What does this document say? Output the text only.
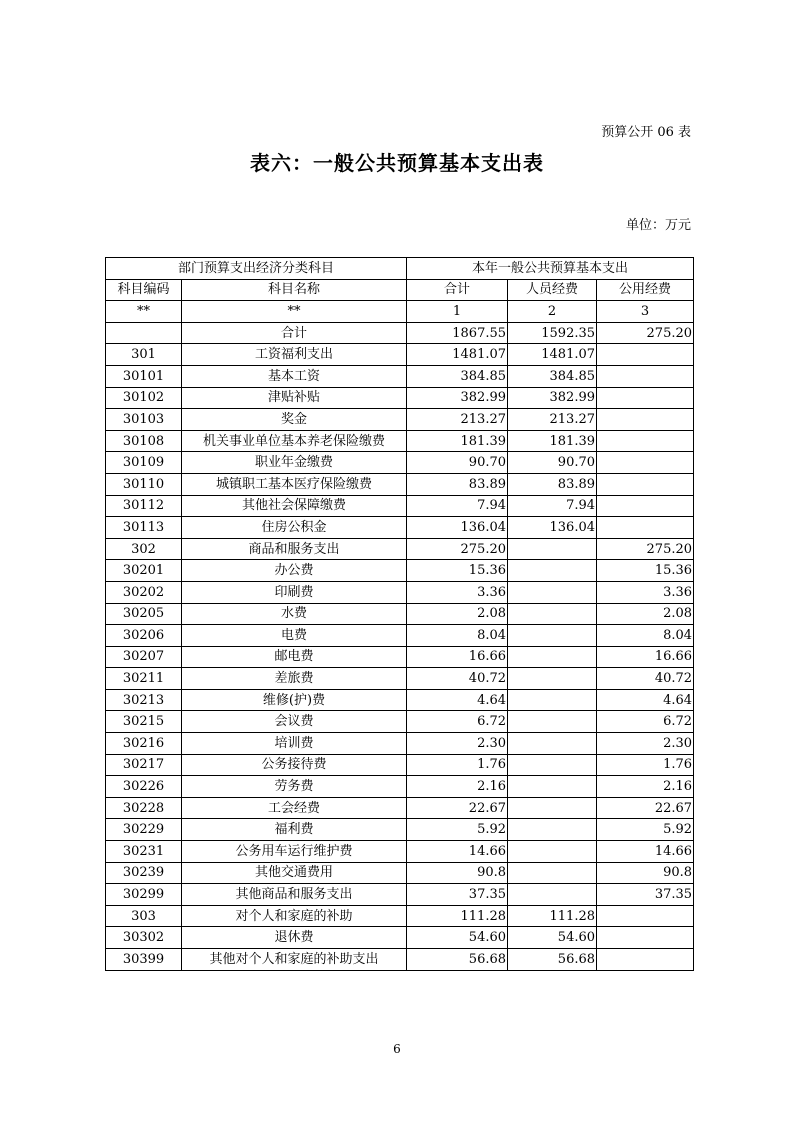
预算公开 06 表
表六：一般公共预算基本支出表
单位：万元
部门预算支出经济分类科目		本年一般公共预算基本支出		
科目编码	科目名称	合计	人员经费	公用经费
**	**	1	2	3
	合计	1867.55	1592.35	275.20
301	工资福利支出	1481.07	1481.07	
30101	基本工资	384.85	384.85	
30102	津贴补贴	382.99	382.99	
30103	奖金	213.27	213.27	
30108	机关事业单位基本养老保险缴费	181.39	181.39	
30109	职业年金缴费	90.70	90.70	
30110	城镇职工基本医疗保险缴费	83.89	83.89	
30112	其他社会保障缴费	7.94	7.94	
30113	住房公积金	136.04	136.04	
302	商品和服务支出	275.20		275.20
30201	办公费	15.36		15.36
30202	印刷费	3.36		3.36
30205	水费	2.08		2.08
30206	电费	8.04		8.04
30207	邮电费	16.66		16.66
30211	差旅费	40.72		40.72
30213	维修(护)费	4.64		4.64
30215	会议费	6.72		6.72
30216	培训费	2.30		2.30
30217	公务接待费	1.76		1.76
30226	劳务费	2.16		2.16
30228	工会经费	22.67		22.67
30229	福利费	5.92		5.92
30231	公务用车运行维护费	14.66		14.66
30239	其他交通费用	90.8		90.8
30299	其他商品和服务支出	37.35		37.35
303	对个人和家庭的补助	111.28	111.28	
30302	退休费	54.60	54.60	
30399	其他对个人和家庭的补助支出	56.68	56.68	
6
